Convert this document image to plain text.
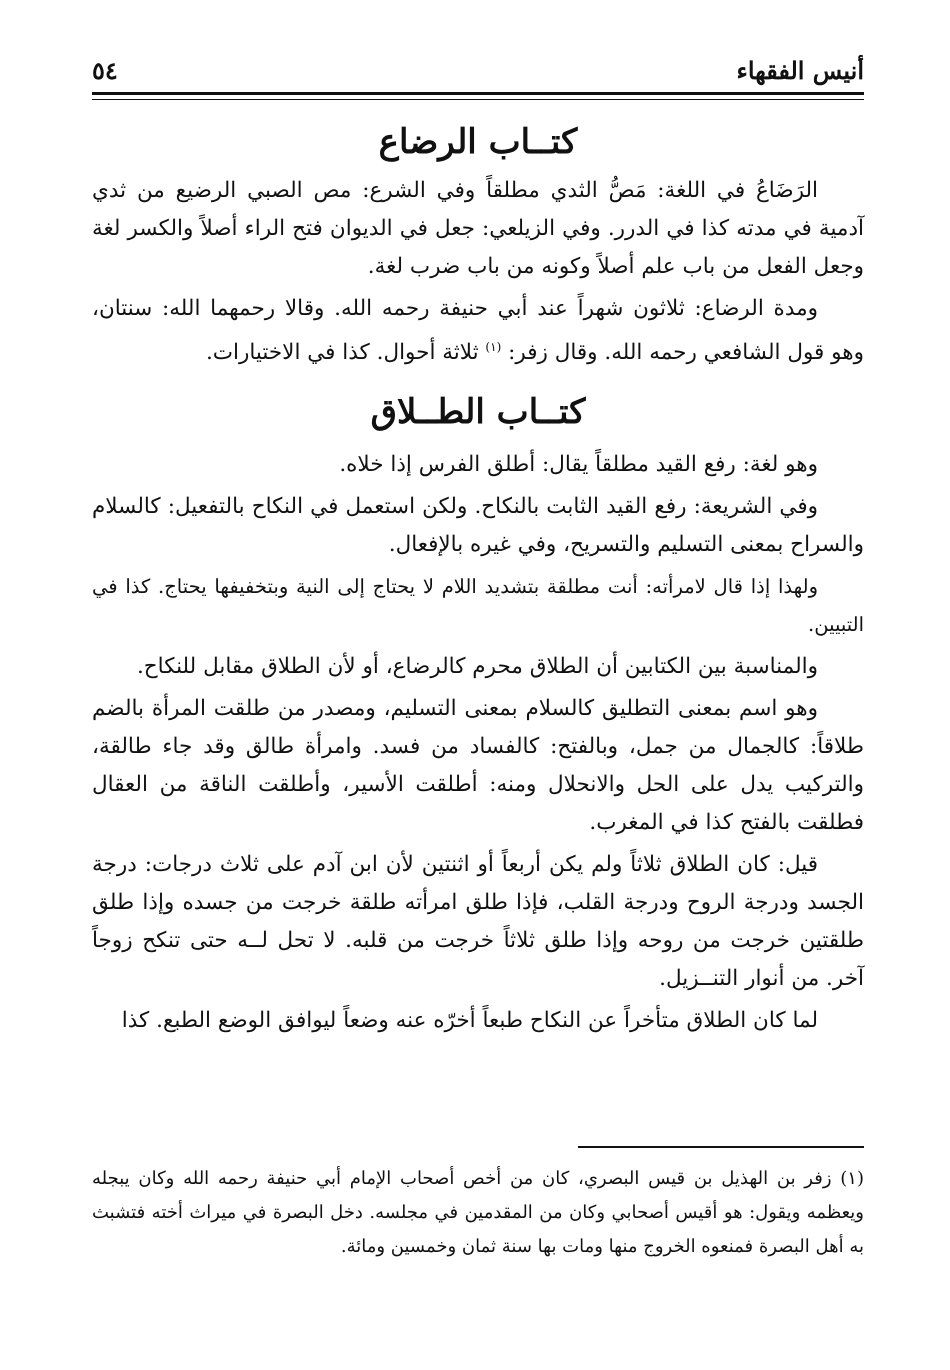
أنيس الفقهاء
٥٤
كتــاب الرضاع

الرَضَاعُ في اللغة: مَصُّ الثدي مطلقاً وفي الشرع: مص الصبي الرضيع من ثدي آدمية في مدته كذا في الدرر. وفي الزيلعي: جعل في الديوان فتح الراء أصلاً والكسر لغة وجعل الفعل من باب علم أصلاً وكونه من باب ضرب لغة.

ومدة الرضاع: ثلاثون شهراً عند أبي حنيفة رحمه الله. وقالا رحمهما الله: سنتان، وهو قول الشافعي رحمه الله. وقال زفر: $^{(١)}$ ثلاثة أحوال. كذا في الاختيارات.

كتــاب الطــلاق

وهو لغة: رفع القيد مطلقاً يقال: أطلق الفرس إذا خلاه.

وفي الشريعة: رفع القيد الثابت بالنكاح. ولكن استعمل في النكاح بالتفعيل: كالسلام والسراح بمعنى التسليم والتسريح، وفي غيره بالإفعال.

ولهذا إذا قال لامرأته: أنت مطلقة بتشديد اللام لا يحتاج إلى النية وبتخفيفها يحتاج. كذا في التبيين.

والمناسبة بين الكتابين أن الطلاق محرم كالرضاع، أو لأن الطلاق مقابل للنكاح.

وهو اسم بمعنى التطليق كالسلام بمعنى التسليم، ومصدر من طلقت المرأة بالضم طلاقاً: كالجمال من جمل، وبالفتح: كالفساد من فسد. وامرأة طالق وقد جاء طالقة، والتركيب يدل على الحل والانحلال ومنه: أطلقت الأسير، وأطلقت الناقة من العقال فطلقت بالفتح كذا في المغرب.

قيل: كان الطلاق ثلاثاً ولم يكن أربعاً أو اثنتين لأن ابن آدم على ثلاث درجات: درجة الجسد ودرجة الروح ودرجة القلب، فإذا طلق امرأته طلقة خرجت من جسده وإذا طلق طلقتين خرجت من روحه وإذا طلق ثلاثاً خرجت من قلبه. لا تحل لــه حتى تنكح زوجاً آخر. من أنوار التنــزيل.

لما كان الطلاق متأخراً عن النكاح طبعاً أخرّه عنه وضعاً ليوافق الوضع الطبع. كذا

(١) زفر بن الهذيل بن قيس البصري، كان من أخص أصحاب الإمام أبي حنيفة رحمه الله وكان يبجله ويعظمه ويقول: هو أقيس أصحابي وكان من المقدمين في مجلسه. دخل البصرة في ميراث أخته فتشبث به أهل البصرة فمنعوه الخروج منها ومات بها سنة ثمان وخمسين ومائة.
